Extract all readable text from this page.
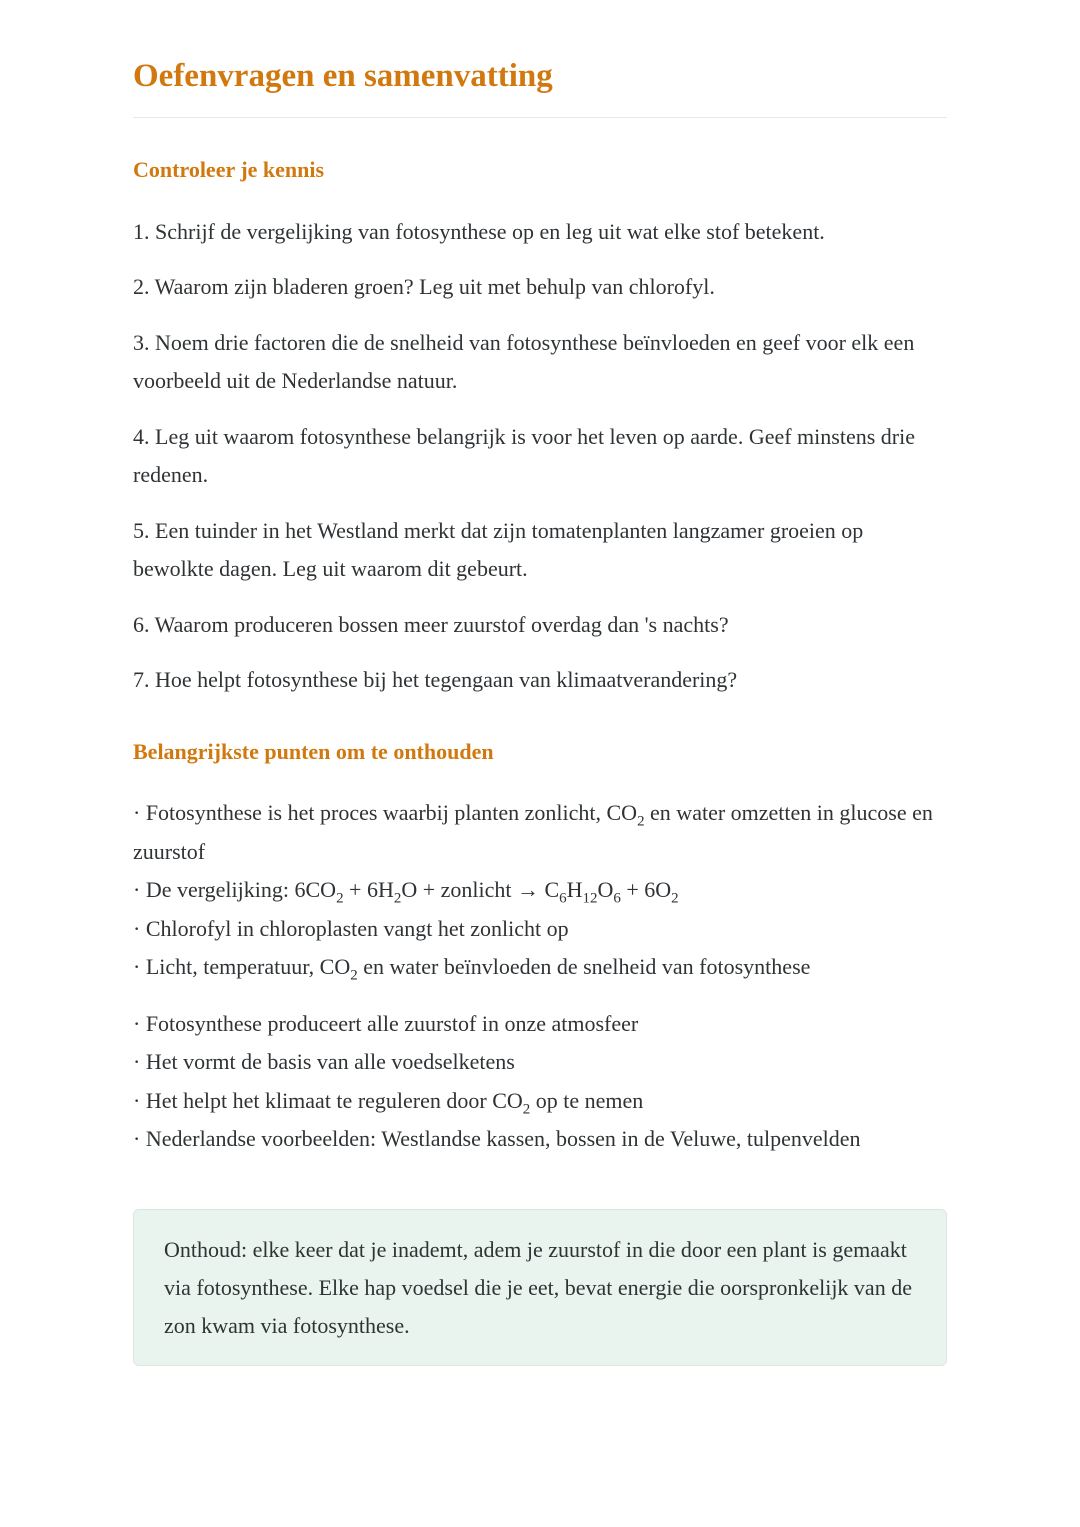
Oefenvragen en samenvatting
Controleer je kennis

1. Schrijf de vergelijking van fotosynthese op en leg uit wat elke stof betekent.

2. Waarom zijn bladeren groen? Leg uit met behulp van chlorofyl.

3. Noem drie factoren die de snelheid van fotosynthese beïnvloeden en geef voor elk een voorbeeld uit de Nederlandse natuur.

4. Leg uit waarom fotosynthese belangrijk is voor het leven op aarde. Geef minstens drie redenen.

5. Een tuinder in het Westland merkt dat zijn tomatenplanten langzamer groeien op bewolkte dagen. Leg uit waarom dit gebeurt.

6. Waarom produceren bossen meer zuurstof overdag dan 's nachts?

7. Hoe helpt fotosynthese bij het tegengaan van klimaatverandering?

Belangrijkste punten om te onthouden

· Fotosynthese is het proces waarbij planten zonlicht, $CO_2$ en water omzetten in glucose en zuurstof

· De vergelijking: $6CO_2 + 6H_2O$ + zonlicht → $C_6H_{12}O_6 + 6O_2$

· Chlorofyl in chloroplasten vangt het zonlicht op

· Licht, temperatuur, $CO_2$ en water beïnvloeden de snelheid van fotosynthese

· Fotosynthese produceert alle zuurstof in onze atmosfeer

· Het vormt de basis van alle voedselketens

· Het helpt het klimaat te reguleren door $CO_2$ op te nemen

· Nederlandse voorbeelden: Westlandse kassen, bossen in de Veluwe, tulpenvelden

Onthoud: elke keer dat je inademt, adem je zuurstof in die door een plant is gemaakt via fotosynthese. Elke hap voedsel die je eet, bevat energie die oorspronkelijk van de zon kwam via fotosynthese.
